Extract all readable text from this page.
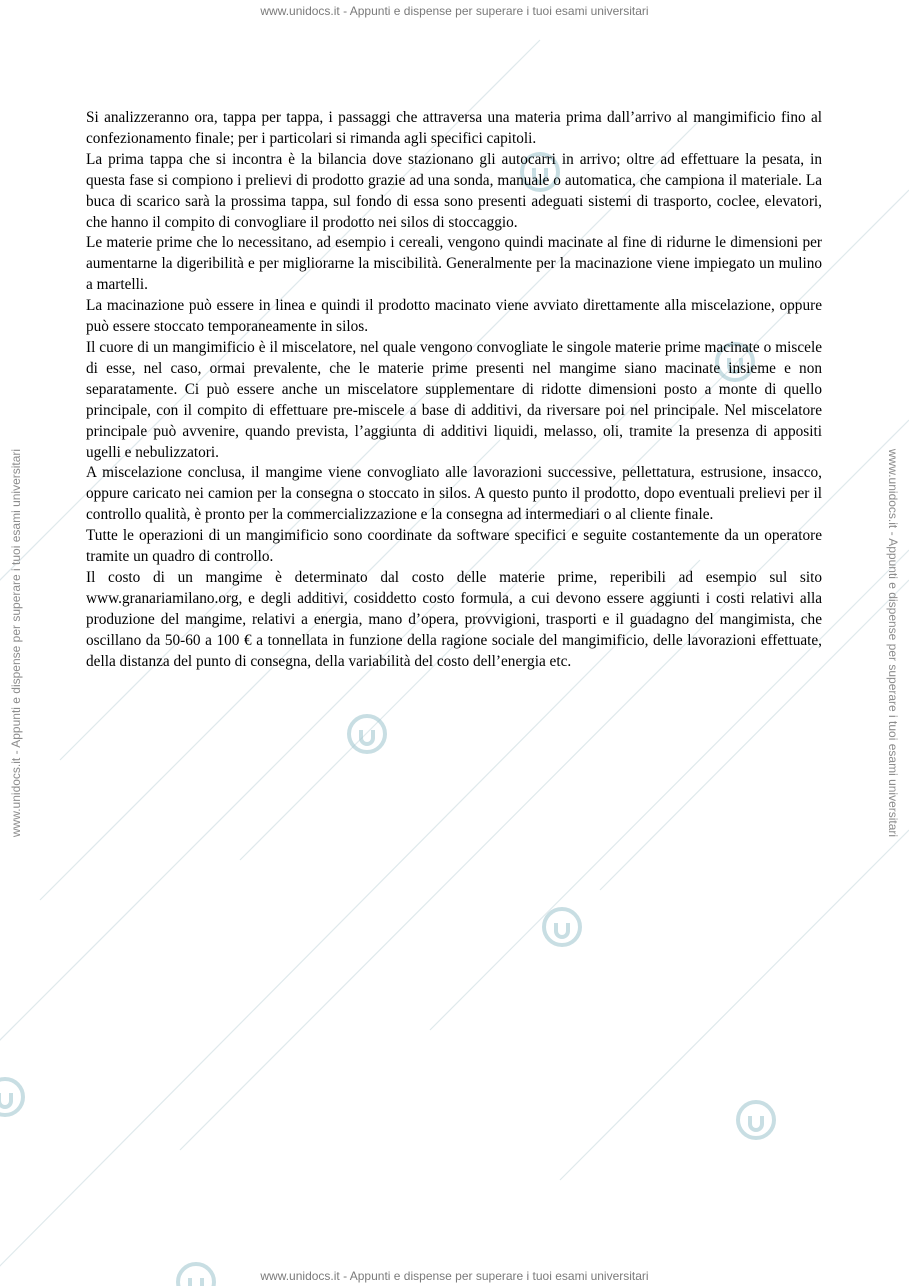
www.unidocs.it - Appunti e dispense per superare i tuoi esami universitari
www.unidocs.it - Appunti e dispense per superare i tuoi esami universitari
www.unidocs.it - Appunti e dispense per superare i tuoi esami universitari	www.unidocs.it - Appunti e dispense per superare i tuoi esami universitari

Si analizzeranno ora, tappa per tappa, i passaggi che attraversa una materia prima dall’arrivo al mangimificio fino al confezionamento finale; per i particolari si rimanda agli specifici capitoli.

La prima tappa che si incontra è la bilancia dove stazionano gli autocarri in arrivo; oltre ad effettuare la pesata, in questa fase si compiono i prelievi di prodotto grazie ad una sonda, manuale o automatica, che campiona il materiale. La buca di scarico sarà la prossima tappa, sul fondo di essa sono presenti adeguati sistemi di trasporto, coclee, elevatori, che hanno il compito di convogliare il prodotto nei silos di stoccaggio.

Le materie prime che lo necessitano, ad esempio i cereali, vengono quindi macinate al fine di ridurne le dimensioni per aumentarne la digeribilità e per migliorarne la miscibilità. Generalmente per la macinazione viene impiegato un mulino a martelli.

La macinazione può essere in linea e quindi il prodotto macinato viene avviato direttamente alla miscelazione, oppure può essere stoccato temporaneamente in silos.

Il cuore di un mangimificio è il miscelatore, nel quale vengono convogliate le singole materie prime macinate o miscele di esse, nel caso, ormai prevalente, che le materie prime presenti nel mangime siano macinate insieme e non separatamente. Ci può essere anche un miscelatore supplementare di ridotte dimensioni posto a monte di quello principale, con il compito di effettuare pre-miscele a base di additivi, da riversare poi nel principale. Nel miscelatore principale può avvenire, quando prevista, l’aggiunta di additivi liquidi, melasso, oli, tramite la presenza di appositi ugelli e nebulizzatori.

A miscelazione conclusa, il mangime viene convogliato alle lavorazioni successive, pellettatura, estrusione, insacco, oppure caricato nei camion per la consegna o stoccato in silos. A questo punto il prodotto, dopo eventuali prelievi per il controllo qualità, è pronto per la commercializzazione e la consegna ad intermediari o al cliente finale.

Tutte le operazioni di un mangimificio sono coordinate da software specifici e seguite costantemente da un operatore tramite un quadro di controllo.

Il costo di un mangime è determinato dal costo delle materie prime, reperibili ad esempio sul sito www.granariamilano.org, e degli additivi, cosiddetto costo formula, a cui devono essere aggiunti i costi relativi alla produzione del mangime, relativi a energia, mano d’opera, provvigioni, trasporti e il guadagno del mangimista, che oscillano da 50-60 a 100 € a tonnellata in funzione della ragione sociale del mangimificio, delle lavorazioni effettuate, della distanza del punto di consegna, della variabilità del costo dell’energia etc.
